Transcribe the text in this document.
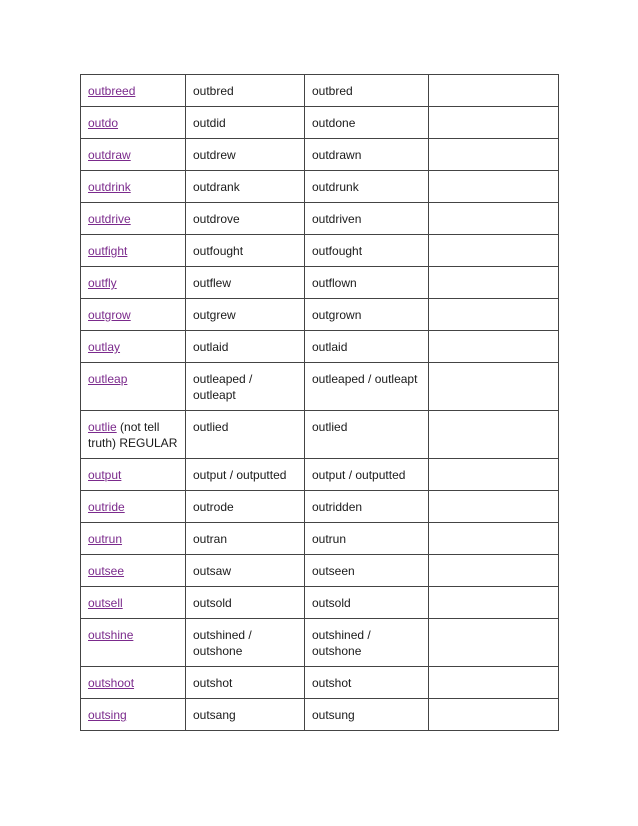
outbreed	outbred	outbred	
outdo	outdid	outdone	
outdraw	outdrew	outdrawn	
outdrink	outdrank	outdrunk	
outdrive	outdrove	outdriven	
outfight	outfought	outfought	
outfly	outflew	outflown	
outgrow	outgrew	outgrown	
outlay	outlaid	outlaid	
outleap	outleaped / outleapt	outleaped / outleapt	
outlie (not tell truth) REGULAR	outlied	outlied	
output	output / outputted	output / outputted	
outride	outrode	outridden	
outrun	outran	outrun	
outsee	outsaw	outseen	
outsell	outsold	outsold	
outshine	outshined / outshone	outshined / outshone	
outshoot	outshot	outshot	
outsing	outsang	outsung	
